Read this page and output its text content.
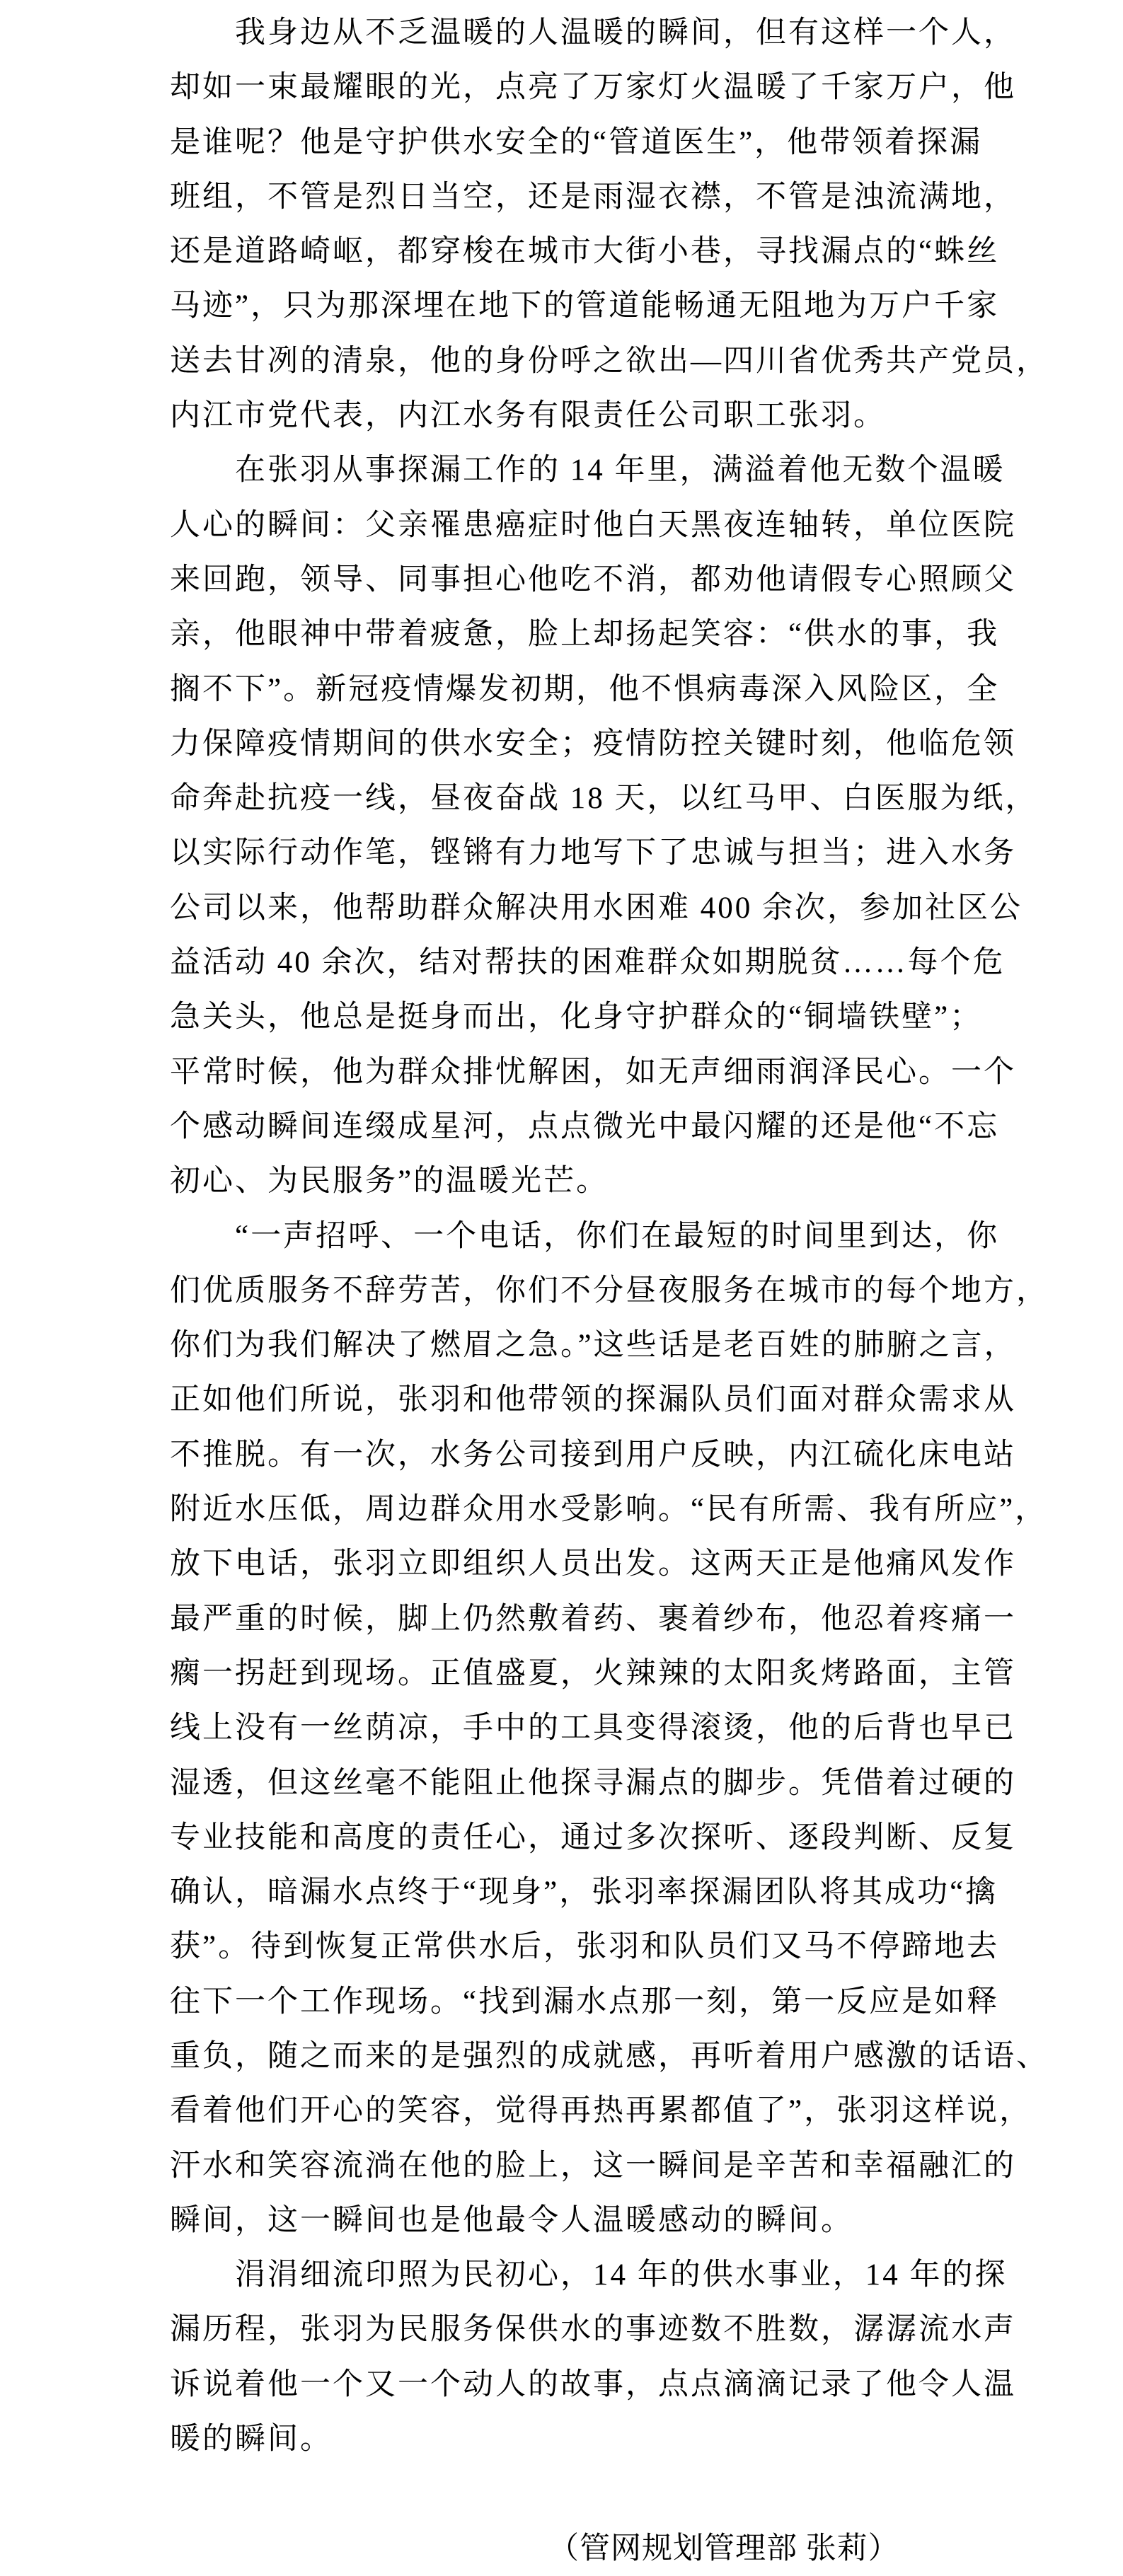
我身边从不乏温暖的人温暖的瞬间，但有这样一个人，
却如一束最耀眼的光，点亮了万家灯火温暖了千家万户，他
是谁呢？他是守护供水安全的“管道医生”，他带领着探漏
班组，不管是烈日当空，还是雨湿衣襟，不管是浊流满地，
还是道路崎岖，都穿梭在城市大街小巷，寻找漏点的“蛛丝
马迹”，只为那深埋在地下的管道能畅通无阻地为万户千家
送去甘冽的清泉，他的身份呼之欲出—四川省优秀共产党员，
内江市党代表，内江水务有限责任公司职工张羽。
在张羽从事探漏工作的 14 年里，满溢着他无数个温暖
人心的瞬间：父亲罹患癌症时他白天黑夜连轴转，单位医院
来回跑，领导、同事担心他吃不消，都劝他请假专心照顾父
亲，他眼神中带着疲惫，脸上却扬起笑容：“供水的事，我
搁不下”。新冠疫情爆发初期，他不惧病毒深入风险区，全
力保障疫情期间的供水安全；疫情防控关键时刻，他临危领
命奔赴抗疫一线，昼夜奋战 18 天，以红马甲、白医服为纸，
以实际行动作笔，铿锵有力地写下了忠诚与担当；进入水务
公司以来，他帮助群众解决用水困难 400 余次，参加社区公
益活动 40 余次，结对帮扶的困难群众如期脱贫……每个危
急关头，他总是挺身而出，化身守护群众的“铜墙铁壁”；
平常时候，他为群众排忧解困，如无声细雨润泽民心。一个
个感动瞬间连缀成星河，点点微光中最闪耀的还是他“不忘
初心、为民服务”的温暖光芒。
“一声招呼、一个电话，你们在最短的时间里到达，你
们优质服务不辞劳苦，你们不分昼夜服务在城市的每个地方，
你们为我们解决了燃眉之急。”这些话是老百姓的肺腑之言，
正如他们所说，张羽和他带领的探漏队员们面对群众需求从
不推脱。有一次，水务公司接到用户反映，内江硫化床电站
附近水压低，周边群众用水受影响。“民有所需、我有所应”，
放下电话，张羽立即组织人员出发。这两天正是他痛风发作
最严重的时候，脚上仍然敷着药、裹着纱布，他忍着疼痛一
瘸一拐赶到现场。正值盛夏，火辣辣的太阳炙烤路面，主管
线上没有一丝荫凉，手中的工具变得滚烫，他的后背也早已
湿透，但这丝毫不能阻止他探寻漏点的脚步。凭借着过硬的
专业技能和高度的责任心，通过多次探听、逐段判断、反复
确认，暗漏水点终于“现身”，张羽率探漏团队将其成功“擒
获”。待到恢复正常供水后，张羽和队员们又马不停蹄地去
往下一个工作现场。“找到漏水点那一刻，第一反应是如释
重负，随之而来的是强烈的成就感，再听着用户感激的话语、
看着他们开心的笑容，觉得再热再累都值了”，张羽这样说，
汗水和笑容流淌在他的脸上，这一瞬间是辛苦和幸福融汇的
瞬间，这一瞬间也是他最令人温暖感动的瞬间。
涓涓细流印照为民初心，14 年的供水事业，14 年的探
漏历程，张羽为民服务保供水的事迹数不胜数，潺潺流水声
诉说着他一个又一个动人的故事，点点滴滴记录了他令人温
暖的瞬间。
（管网规划管理部 张莉）
